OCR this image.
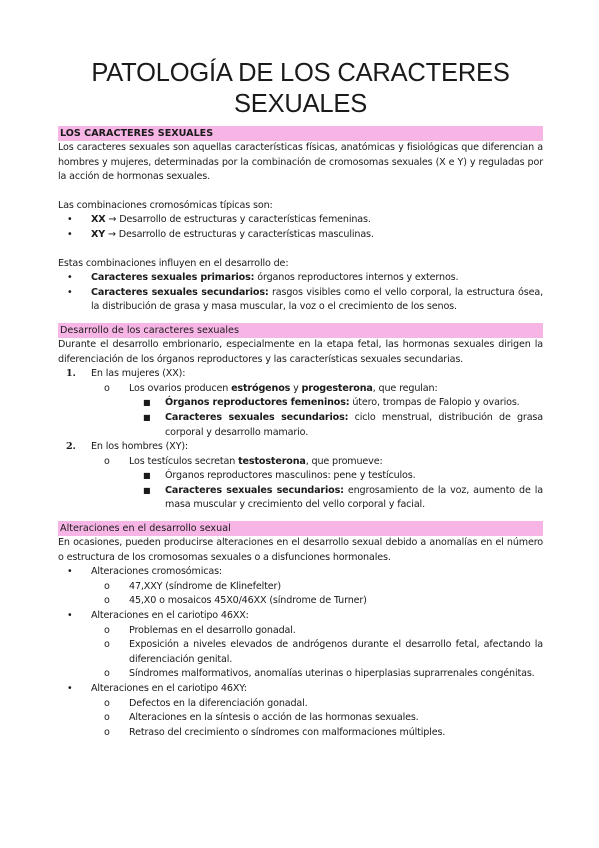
PATOLOGÍA DE LOS CARACTERES SEXUALES
LOS CARACTERES SEXUALES

Los caracteres sexuales son aquellas características físicas, anatómicas y fisiológicas que diferencian a hombres y mujeres, determinadas por la combinación de cromosomas sexuales (X e Y) y reguladas por la acción de hormonas sexuales.

Las combinaciones cromosómicas típicas son:

• XX → Desarrollo de estructuras y características femeninas.
• XY → Desarrollo de estructuras y características masculinas.

Estas combinaciones influyen en el desarrollo de:

• Caracteres sexuales primarios: órganos reproductores internos y externos.
• Caracteres sexuales secundarios: rasgos visibles como el vello corporal, la estructura ósea, la distribución de grasa y masa muscular, la voz o el crecimiento de los senos.
Desarrollo de los caracteres sexuales

Durante el desarrollo embrionario, especialmente en la etapa fetal, las hormonas sexuales dirigen la diferenciación de los órganos reproductores y las características sexuales secundarias.

1. En las mujeres (XX):
o Los ovarios producen estrógenos y progesterona, que regulan:
■ Órganos reproductores femeninos: útero, trompas de Falopio y ovarios.
■ Caracteres sexuales secundarios: ciclo menstrual, distribución de grasa corporal y desarrollo mamario.
2. En los hombres (XY):
o Los testículos secretan testosterona, que promueve:
■ Órganos reproductores masculinos: pene y testículos.
■ Caracteres sexuales secundarios: engrosamiento de la voz, aumento de la masa muscular y crecimiento del vello corporal y facial.
Alteraciones en el desarrollo sexual

En ocasiones, pueden producirse alteraciones en el desarrollo sexual debido a anomalías en el número o estructura de los cromosomas sexuales o a disfunciones hormonales.

• Alteraciones cromosómicas:
o 47,XXY (síndrome de Klinefelter)
o 45,X0 o mosaicos 45X0/46XX (síndrome de Turner)
• Alteraciones en el cariotipo 46XX:
o Problemas en el desarrollo gonadal.
o Exposición a niveles elevados de andrógenos durante el desarrollo fetal, afectando la diferenciación genital.
o Síndromes malformativos, anomalías uterinas o hiperplasias suprarrenales congénitas.
• Alteraciones en el cariotipo 46XY:
o Defectos en la diferenciación gonadal.
o Alteraciones en la síntesis o acción de las hormonas sexuales.
o Retraso del crecimiento o síndromes con malformaciones múltiples.
